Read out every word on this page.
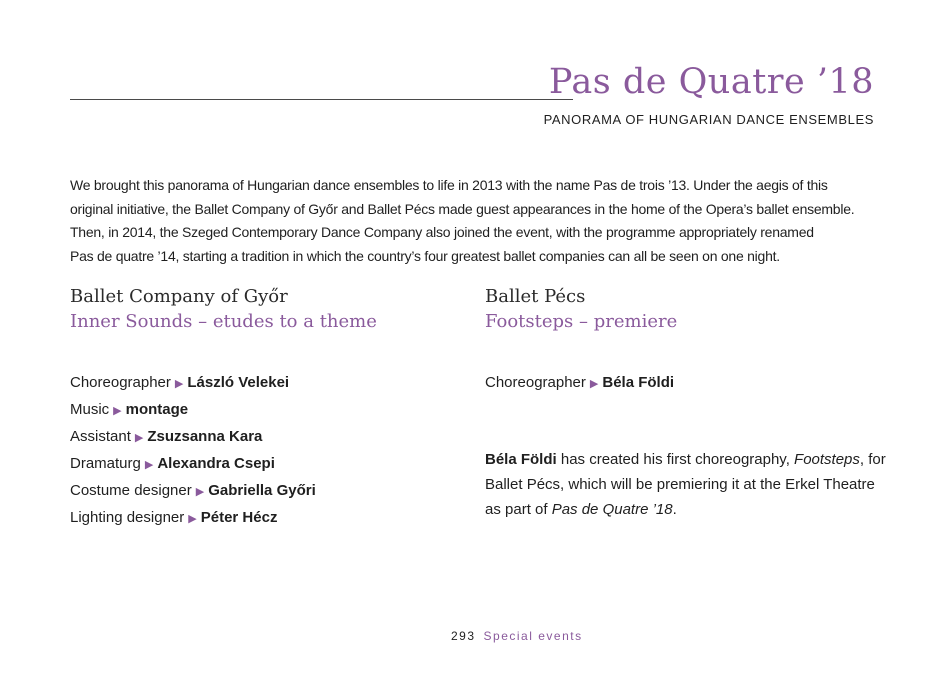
Pas de Quatre ’18
PANORAMA OF HUNGARIAN DANCE ENSEMBLES

We brought this panorama of Hungarian dance ensembles to life in 2013 with the name Pas de trois ’13. Under the aegis of this
original initiative, the Ballet Company of Győr and Ballet Pécs made guest appearances in the home of the Opera’s ballet ensemble.
Then, in 2014, the Szeged Contemporary Dance Company also joined the event, with the programme appropriately renamed
Pas de quatre ’14, starting a tradition in which the country’s four greatest ballet companies can all be seen on one night.

Ballet Company of Győr

Inner Sounds – etudes to a theme

Choreographer ▶ László Velekei
Music ▶ montage
Assistant ▶ Zsuzsanna Kara
Dramaturg ▶ Alexandra Csepi
Costume designer ▶ Gabriella Győri
Lighting designer ▶ Péter Hécz

Ballet Pécs

Footsteps – premiere

Choreographer ▶ Béla Földi
Béla Földi has created his first choreography, Footsteps, for
Ballet Pécs, which will be premiering it at the Erkel Theatre
as part of Pas de Quatre ’18.
293 Special events
